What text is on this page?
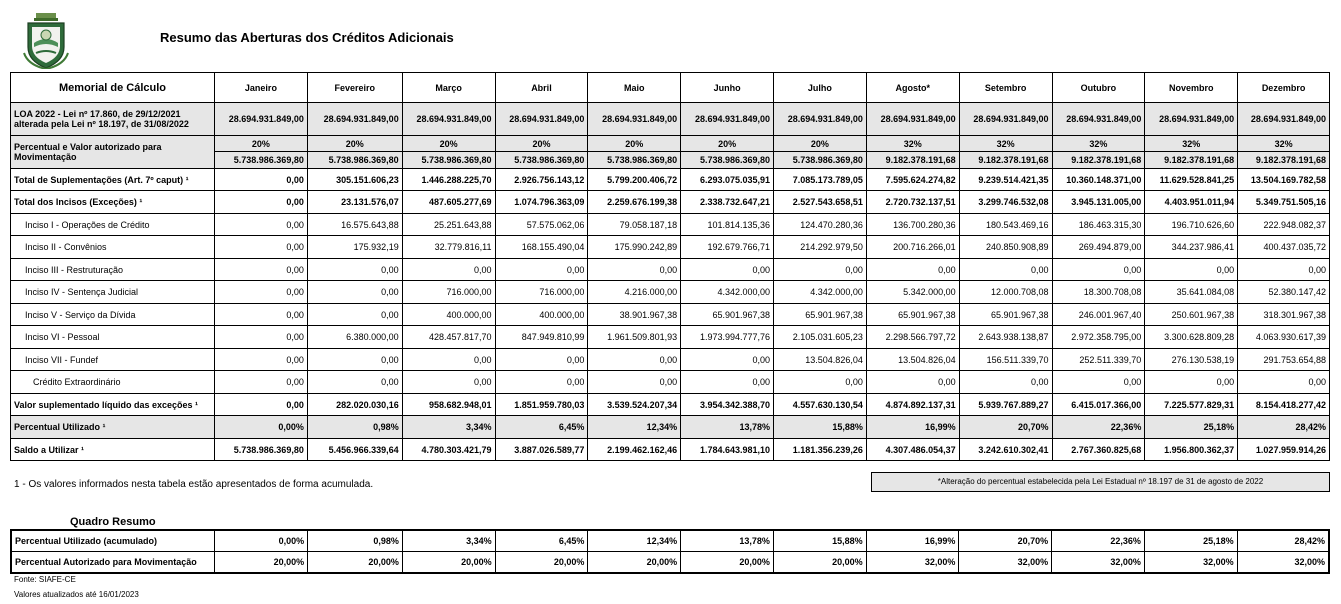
Resumo das Aberturas dos Créditos Adicionais
Memorial de Cálculo	Janeiro	Fevereiro	Março	Abril	Maio	Junho	Julho	Agosto*	Setembro	Outubro	Novembro	Dezembro
LOA 2022 - Lei nº 17.860, de 29/12/2021 alterada pela Lei nº 18.197, de 31/08/2022	28.694.931.849,00	28.694.931.849,00	28.694.931.849,00	28.694.931.849,00	28.694.931.849,00	28.694.931.849,00	28.694.931.849,00	28.694.931.849,00	28.694.931.849,00	28.694.931.849,00	28.694.931.849,00	28.694.931.849,00
Percentual e Valor autorizado para Movimentação	20%	20%	20%	20%	20%	20%	20%	32%	32%	32%	32%	32%
	5.738.986.369,80	5.738.986.369,80	5.738.986.369,80	5.738.986.369,80	5.738.986.369,80	5.738.986.369,80	5.738.986.369,80	9.182.378.191,68	9.182.378.191,68	9.182.378.191,68	9.182.378.191,68	9.182.378.191,68
Total de Suplementações (Art. 7º caput) ¹	0,00	305.151.606,23	1.446.288.225,70	2.926.756.143,12	5.799.200.406,72	6.293.075.035,91	7.085.173.789,05	7.595.624.274,82	9.239.514.421,35	10.360.148.371,00	11.629.528.841,25	13.504.169.782,58
Total dos Incisos (Exceções) ¹	0,00	23.131.576,07	487.605.277,69	1.074.796.363,09	2.259.676.199,38	2.338.732.647,21	2.527.543.658,51	2.720.732.137,51	3.299.746.532,08	3.945.131.005,00	4.403.951.011,94	5.349.751.505,16
Inciso I - Operações de Crédito	0,00	16.575.643,88	25.251.643,88	57.575.062,06	79.058.187,18	101.814.135,36	124.470.280,36	136.700.280,36	180.543.469,16	186.463.315,30	196.710.626,60	222.948.082,37
Inciso II - Convênios	0,00	175.932,19	32.779.816,11	168.155.490,04	175.990.242,89	192.679.766,71	214.292.979,50	200.716.266,01	240.850.908,89	269.494.879,00	344.237.986,41	400.437.035,72
Inciso III - Restruturação	0,00	0,00	0,00	0,00	0,00	0,00	0,00	0,00	0,00	0,00	0,00	0,00
Inciso IV - Sentença Judicial	0,00	0,00	716.000,00	716.000,00	4.216.000,00	4.342.000,00	4.342.000,00	5.342.000,00	12.000.708,08	18.300.708,08	35.641.084,08	52.380.147,42
Inciso V - Serviço da Dívida	0,00	0,00	400.000,00	400.000,00	38.901.967,38	65.901.967,38	65.901.967,38	65.901.967,38	65.901.967,38	246.001.967,40	250.601.967,38	318.301.967,38
Inciso VI - Pessoal	0,00	6.380.000,00	428.457.817,70	847.949.810,99	1.961.509.801,93	1.973.994.777,76	2.105.031.605,23	2.298.566.797,72	2.643.938.138,87	2.972.358.795,00	3.300.628.809,28	4.063.930.617,39
Inciso VII - Fundef	0,00	0,00	0,00	0,00	0,00	0,00	13.504.826,04	13.504.826,04	156.511.339,70	252.511.339,70	276.130.538,19	291.753.654,88
Crédito Extraordinário	0,00	0,00	0,00	0,00	0,00	0,00	0,00	0,00	0,00	0,00	0,00	0,00
Valor suplementado líquido das exceções ¹	0,00	282.020.030,16	958.682.948,01	1.851.959.780,03	3.539.524.207,34	3.954.342.388,70	4.557.630.130,54	4.874.892.137,31	5.939.767.889,27	6.415.017.366,00	7.225.577.829,31	8.154.418.277,42
Percentual Utilizado ¹	0,00%	0,98%	3,34%	6,45%	12,34%	13,78%	15,88%	16,99%	20,70%	22,36%	25,18%	28,42%
Saldo a Utilizar ¹	5.738.986.369,80	5.456.966.339,64	4.780.303.421,79	3.887.026.589,77	2.199.462.162,46	1.784.643.981,10	1.181.356.239,26	4.307.486.054,37	3.242.610.302,41	2.767.360.825,68	1.956.800.362,37	1.027.959.914,26
1 - Os valores informados nesta tabela estão apresentados de forma acumulada.	*Alteração do percentual estabelecida pela Lei Estadual nº 18.197 de 31 de agosto de 2022
Quadro Resumo
Percentual Utilizado (acumulado)	0,00%	0,98%	3,34%	6,45%	12,34%	13,78%	15,88%	16,99%	20,70%	22,36%	25,18%	28,42%
Percentual Autorizado para Movimentação	20,00%	20,00%	20,00%	20,00%	20,00%	20,00%	20,00%	32,00%	32,00%	32,00%	32,00%	32,00%
Fonte: SIAFE-CE
Valores atualizados até 16/01/2023
